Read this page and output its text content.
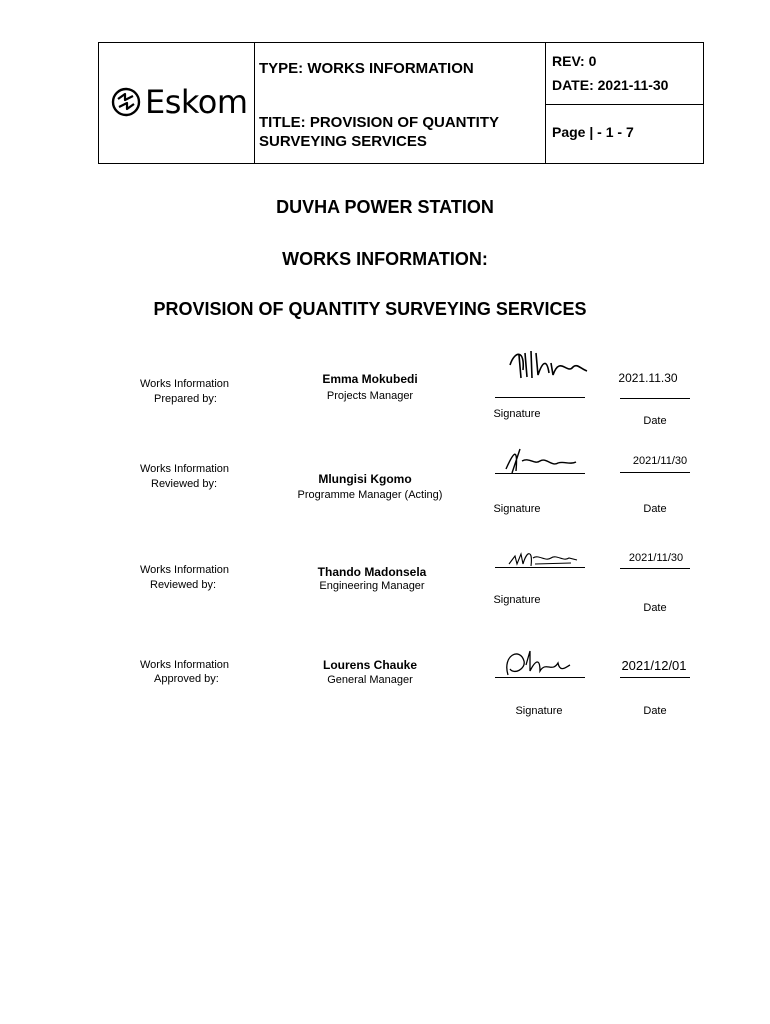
Eskom
TYPE: WORKS INFORMATION
TITLE: PROVISION OF QUANTITY
SURVEYING SERVICES
REV: 0
DATE: 2021-11-30
Page | - 1 - 7
DUVHA POWER STATION
WORKS INFORMATION:
PROVISION OF QUANTITY SURVEYING SERVICES
Works Information
Prepared by:
Emma Mokubedi
Projects Manager
Signature
2021.11.30
Date
Works Information
Reviewed by:	Mlungisi Kgomo
Programme Manager (Acting)
Signature
2021/11/30
Date
Works Information
Reviewed by:
Thando Madonsela
Engineering Manager
Signature
2021/11/30
Date
Works Information
Approved by:
Lourens Chauke
General Manager
Signature
2021/12/01
Date
